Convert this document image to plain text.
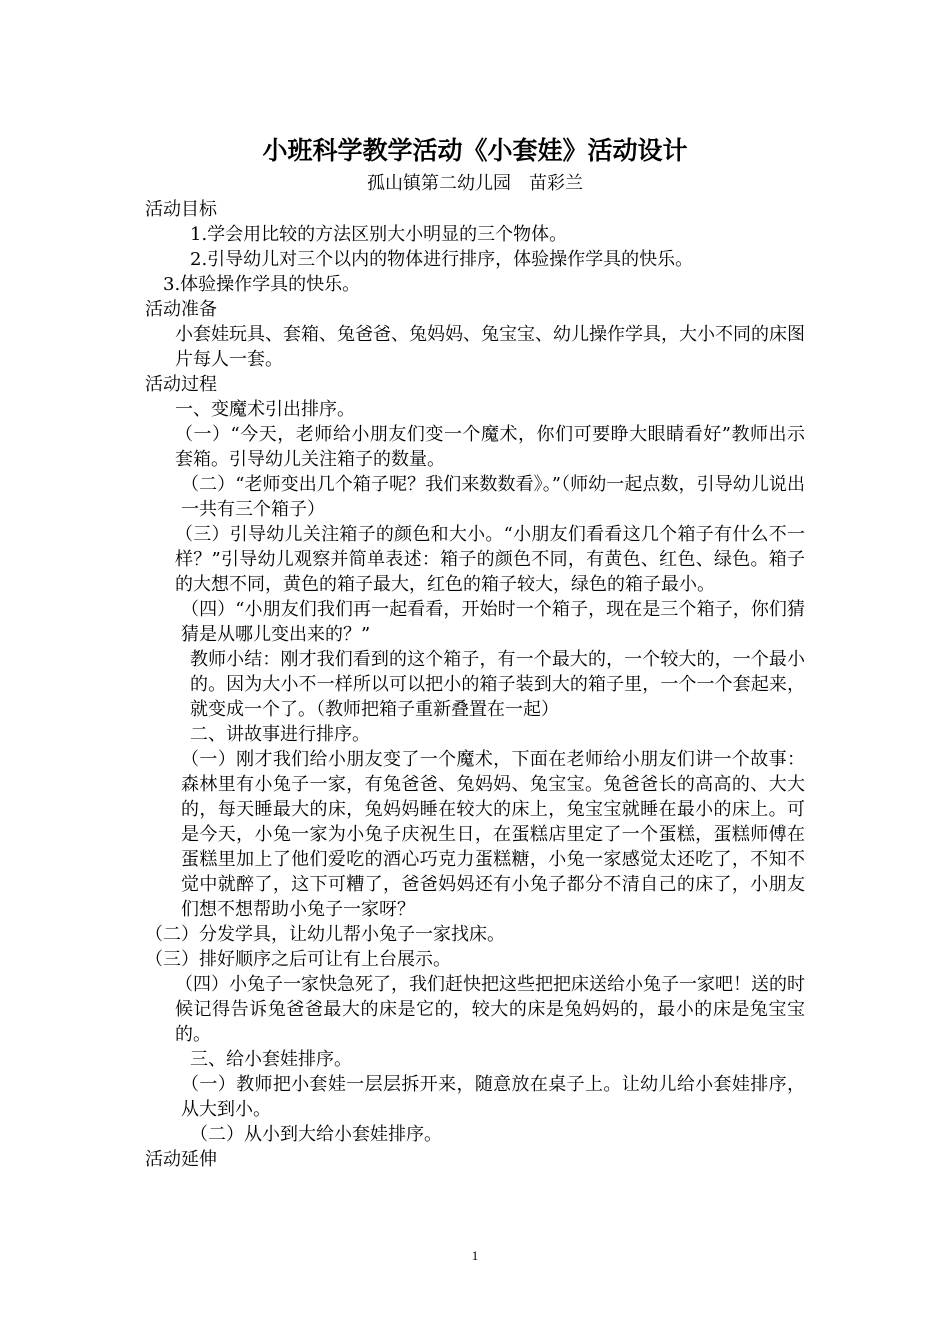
小班科学教学活动《小套娃》活动设计
孤山镇第二幼儿园　苗彩兰

活动目标

1.学会用比较的方法区别大小明显的三个物体。

2.引导幼儿对三个以内的物体进行排序，体验操作学具的快乐。

3.体验操作学具的快乐。

活动准备

小套娃玩具、套箱、兔爸爸、兔妈妈、兔宝宝、幼儿操作学具，大小不同的床图片每人一套。

活动过程

一、变魔术引出排序。

（一）“今天，老师给小朋友们变一个魔术，你们可要睁大眼睛看好”教师出示套箱。引导幼儿关注箱子的数量。

（二）“老师变出几个箱子呢？我们来数数看》。”（师幼一起点数，引导幼儿说出一共有三个箱子）

（三）引导幼儿关注箱子的颜色和大小。“小朋友们看看这几个箱子有什么不一样？”引导幼儿观察并简单表述：箱子的颜色不同，有黄色、红色、绿色。箱子的大想不同，黄色的箱子最大，红色的箱子较大，绿色的箱子最小。

（四）“小朋友们我们再一起看看，开始时一个箱子，现在是三个箱子，你们猜猜是从哪儿变出来的？”

教师小结：刚才我们看到的这个箱子，有一个最大的，一个较大的，一个最小的。因为大小不一样所以可以把小的箱子装到大的箱子里，一个一个套起来，就变成一个了。（教师把箱子重新叠置在一起）

二、讲故事进行排序。

（一）刚才我们给小朋友变了一个魔术，下面在老师给小朋友们讲一个故事：森林里有小兔子一家，有兔爸爸、兔妈妈、兔宝宝。兔爸爸长的高高的、大大的，每天睡最大的床，兔妈妈睡在较大的床上，兔宝宝就睡在最小的床上。可是今天，小兔一家为小兔子庆祝生日，在蛋糕店里定了一个蛋糕，蛋糕师傅在蛋糕里加上了他们爱吃的酒心巧克力蛋糕糖，小兔一家感觉太还吃了，不知不觉中就醉了，这下可糟了，爸爸妈妈还有小兔子都分不清自己的床了，小朋友们想不想帮助小兔子一家呀？

（二）分发学具，让幼儿帮小兔子一家找床。

（三）排好顺序之后可让有上台展示。

（四）小兔子一家快急死了，我们赶快把这些把把床送给小兔子一家吧！送的时候记得告诉兔爸爸最大的床是它的，较大的床是兔妈妈的，最小的床是兔宝宝的。

三、给小套娃排序。

（一）教师把小套娃一层层拆开来，随意放在桌子上。让幼儿给小套娃排序，从大到小。

（二）从小到大给小套娃排序。

活动延伸

1
